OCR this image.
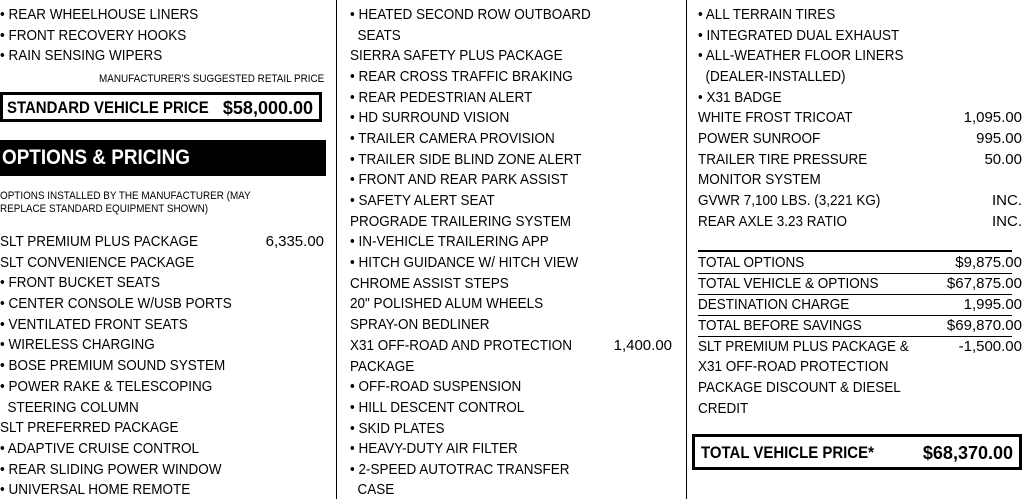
• REAR WHEELHOUSE LINERS
• FRONT RECOVERY HOOKS
• RAIN SENSING WIPERS
MANUFACTURER'S SUGGESTED RETAIL PRICE
STANDARD VEHICLE PRICE $58,000.00
OPTIONS & PRICING
OPTIONS INSTALLED BY THE MANUFACTURER (MAY REPLACE STANDARD EQUIPMENT SHOWN)
SLT PREMIUM PLUS PACKAGE	6,335.00
SLT CONVENIENCE PACKAGE
• FRONT BUCKET SEATS
• CENTER CONSOLE W/USB PORTS
• VENTILATED FRONT SEATS
• WIRELESS CHARGING
• BOSE PREMIUM SOUND SYSTEM
• POWER RAKE & TELESCOPING
STEERING COLUMN
SLT PREFERRED PACKAGE
• ADAPTIVE CRUISE CONTROL
• REAR SLIDING POWER WINDOW
• UNIVERSAL HOME REMOTE
• HEATED SECOND ROW OUTBOARD
SEATS
SIERRA SAFETY PLUS PACKAGE
• REAR CROSS TRAFFIC BRAKING
• REAR PEDESTRIAN ALERT
• HD SURROUND VISION
• TRAILER CAMERA PROVISION
• TRAILER SIDE BLIND ZONE ALERT
• FRONT AND REAR PARK ASSIST
• SAFETY ALERT SEAT
PROGRADE TRAILERING SYSTEM
• IN-VEHICLE TRAILERING APP
• HITCH GUIDANCE W/ HITCH VIEW
CHROME ASSIST STEPS
20" POLISHED ALUM WHEELS
SPRAY-ON BEDLINER
X31 OFF-ROAD AND PROTECTION	1,400.00
PACKAGE
• OFF-ROAD SUSPENSION
• HILL DESCENT CONTROL
• SKID PLATES
• HEAVY-DUTY AIR FILTER
• 2-SPEED AUTOTRAC TRANSFER
CASE
• ALL TERRAIN TIRES
• INTEGRATED DUAL EXHAUST
• ALL-WEATHER FLOOR LINERS
(DEALER-INSTALLED)
• X31 BADGE
WHITE FROST TRICOAT	1,095.00
POWER SUNROOF	995.00
TRAILER TIRE PRESSURE	50.00
MONITOR SYSTEM
GVWR 7,100 LBS. (3,221 KG)	INC.
REAR AXLE 3.23 RATIO	INC.
TOTAL OPTIONS	$9,875.00
TOTAL VEHICLE & OPTIONS	$67,875.00
DESTINATION CHARGE	1,995.00
TOTAL BEFORE SAVINGS	$69,870.00
SLT PREMIUM PLUS PACKAGE &	-1,500.00
X31 OFF-ROAD PROTECTION
PACKAGE DISCOUNT & DIESEL
CREDIT
TOTAL VEHICLE PRICE*	$68,370.00
